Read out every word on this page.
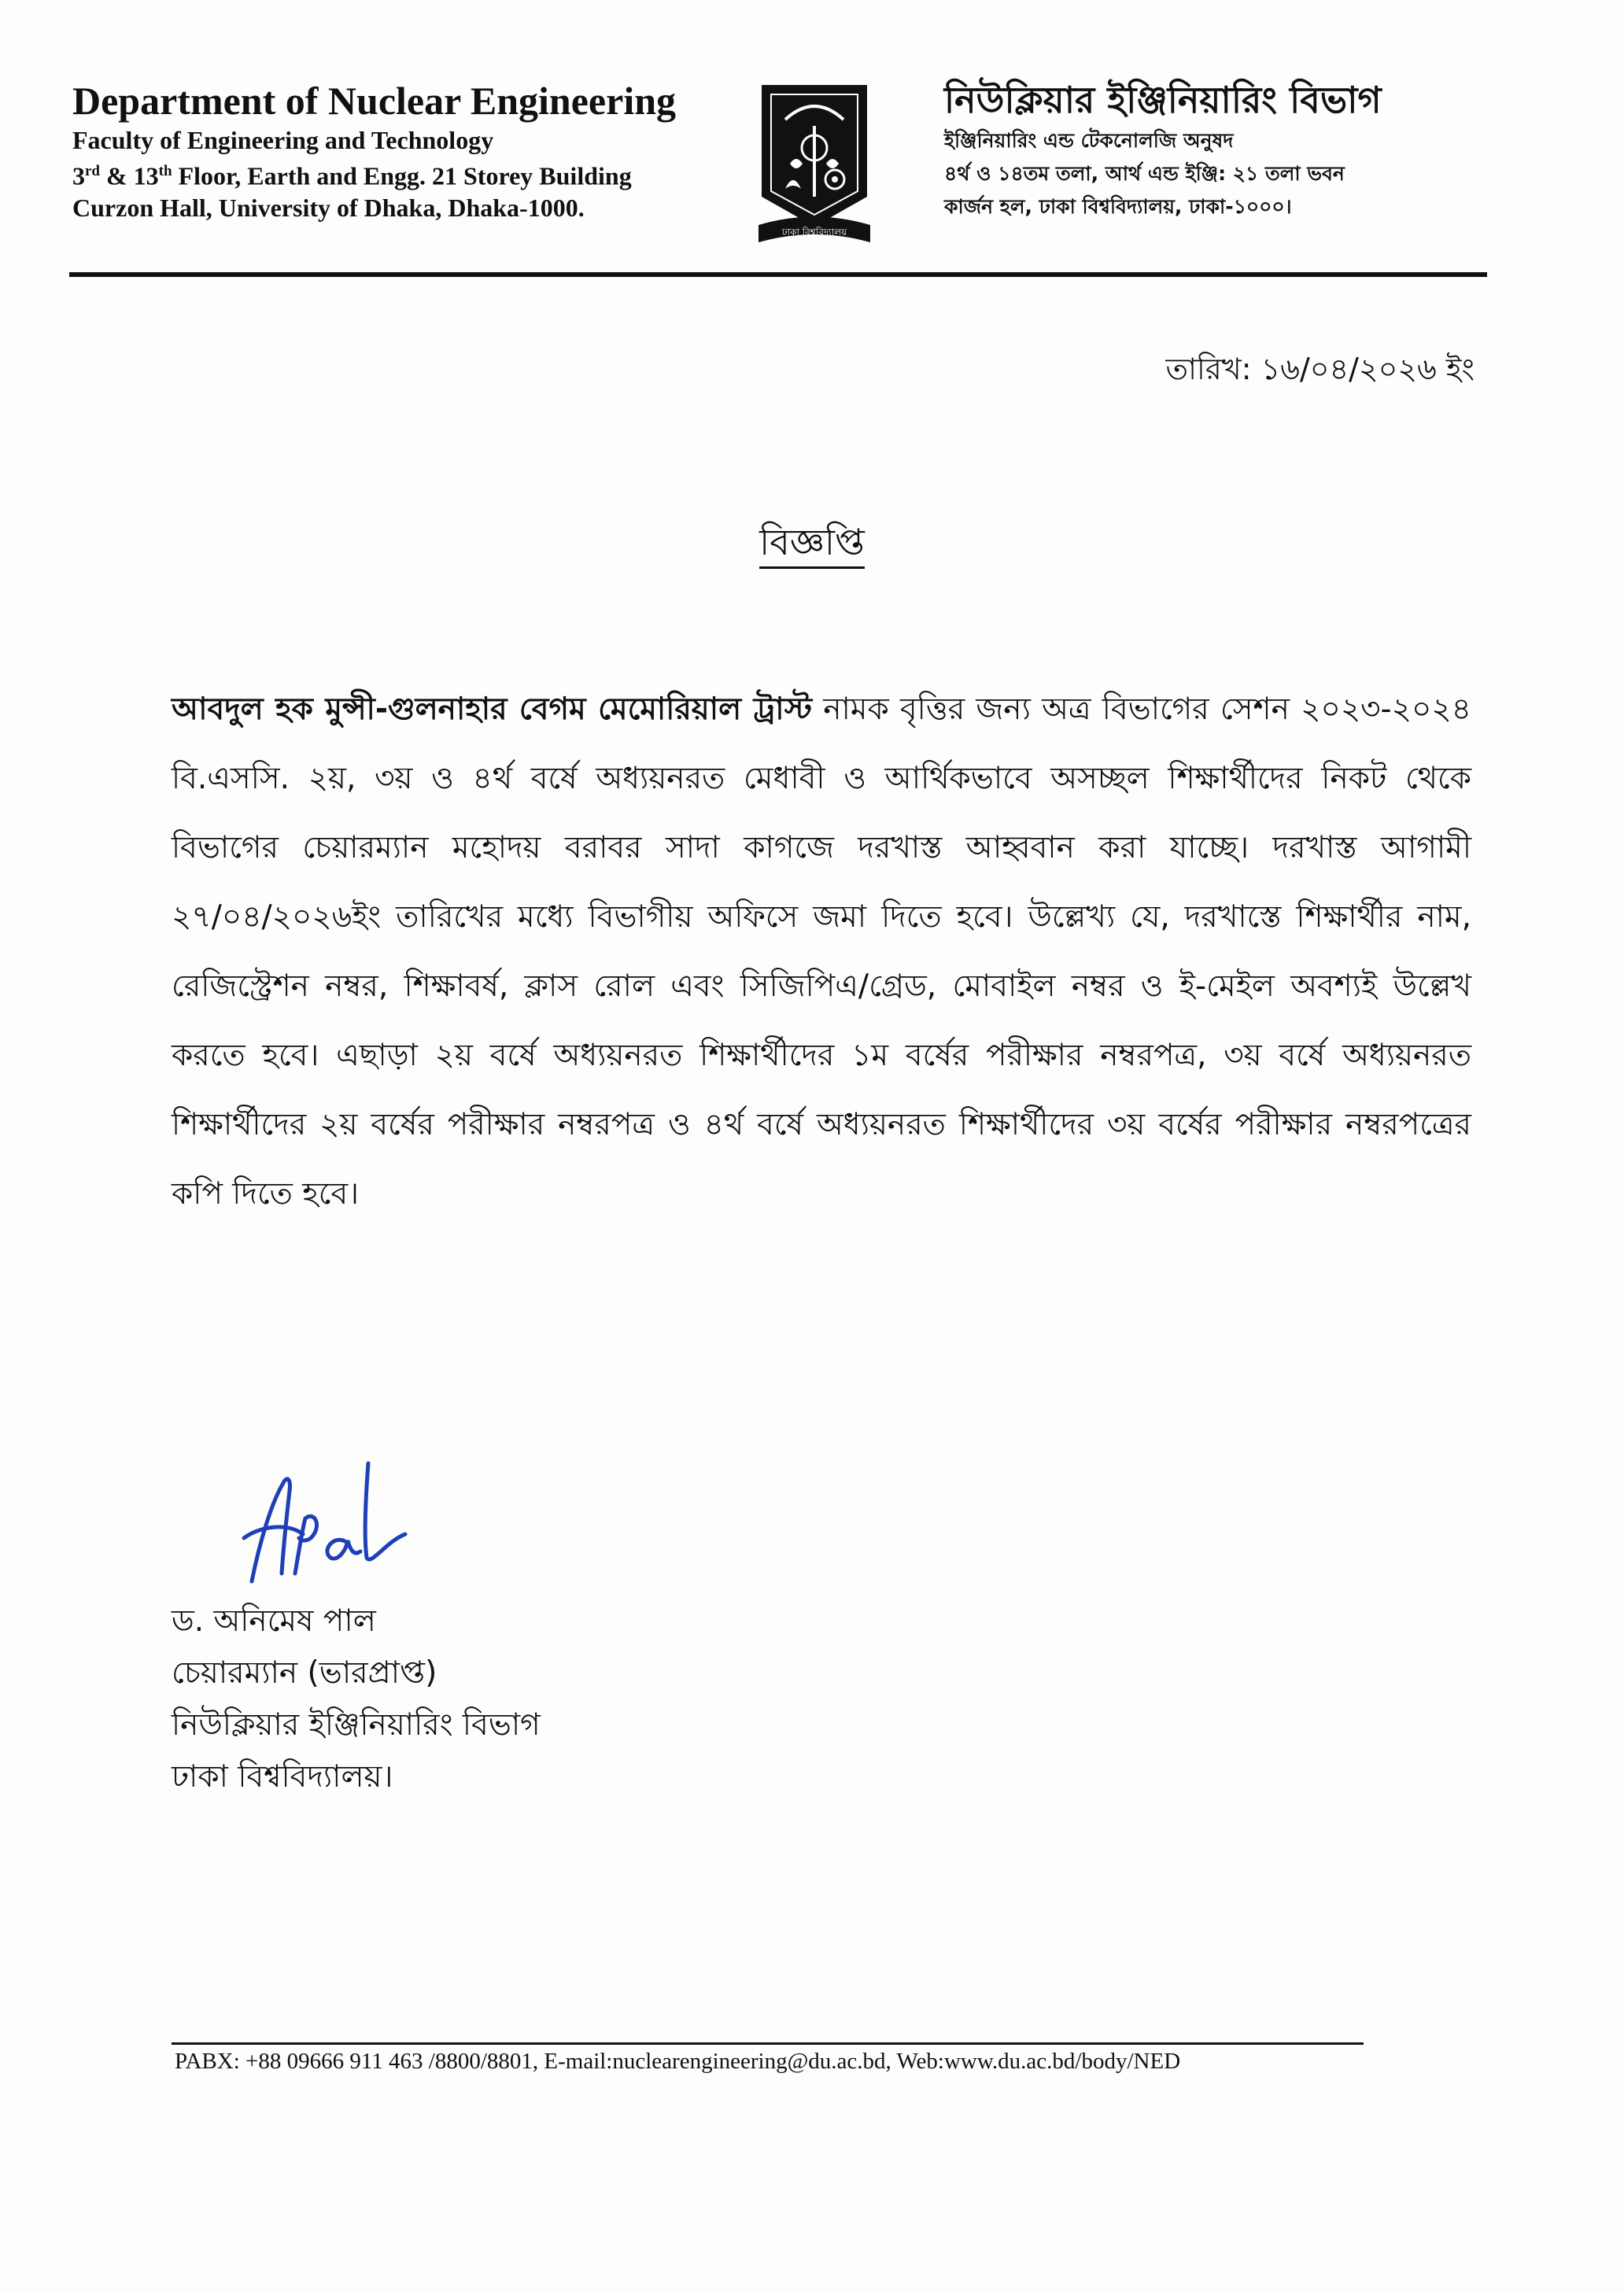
Department of Nuclear Engineering
Faculty of Engineering and Technology
3rd & 13th Floor, Earth and Engg. 21 Storey Building
Curzon Hall, University of Dhaka, Dhaka-1000.
ঢাকা বিশ্ববিদ্যালয়
নিউক্লিয়ার ইঞ্জিনিয়ারিং বিভাগ
ইঞ্জিনিয়ারিং এন্ড টেকনোলজি অনুষদ
৪র্থ ও ১৪তম তলা, আর্থ এন্ড ইঞ্জি: ২১ তলা ভবন
কার্জন হল, ঢাকা বিশ্ববিদ্যালয়, ঢাকা-১০০০।
তারিখ: ১৬/০৪/২০২৬ ইং
বিজ্ঞপ্তি
আবদুল হক মুন্সী-গুলনাহার বেগম মেমোরিয়াল ট্রাস্ট নামক বৃত্তির জন্য অত্র বিভাগের সেশন ২০২৩-২০২৪ বি.এসসি. ২য়, ৩য় ও ৪র্থ বর্ষে অধ্যয়নরত মেধাবী ও আর্থিকভাবে অসচ্ছল শিক্ষার্থীদের নিকট থেকে বিভাগের চেয়ারম্যান মহোদয় বরাবর সাদা কাগজে দরখাস্ত আহ্ববান করা যাচ্ছে। দরখাস্ত আগামী ২৭/০৪/২০২৬ইং তারিখের মধ্যে বিভাগীয় অফিসে জমা দিতে হবে। উল্লেখ্য যে, দরখাস্তে শিক্ষার্থীর নাম, রেজিস্ট্রেশন নম্বর, শিক্ষাবর্ষ, ক্লাস রোল এবং সিজিপিএ/গ্রেড, মোবাইল নম্বর ও ই-মেইল অবশ্যই উল্লেখ করতে হবে। এছাড়া ২য় বর্ষে অধ্যয়নরত শিক্ষার্থীদের ১ম বর্ষের পরীক্ষার নম্বরপত্র, ৩য় বর্ষে অধ্যয়নরত শিক্ষার্থীদের ২য় বর্ষের পরীক্ষার নম্বরপত্র ও ৪র্থ বর্ষে অধ্যয়নরত শিক্ষার্থীদের ৩য় বর্ষের পরীক্ষার নম্বরপত্রের কপি দিতে হবে।
ড. অনিমেষ পাল
চেয়ারম্যান (ভারপ্রাপ্ত)
নিউক্লিয়ার ইঞ্জিনিয়ারিং বিভাগ
ঢাকা বিশ্ববিদ্যালয়।
PABX: +88 09666 911 463 /8800/8801, E-mail:nuclearengineering@du.ac.bd, Web:www.du.ac.bd/body/NED
